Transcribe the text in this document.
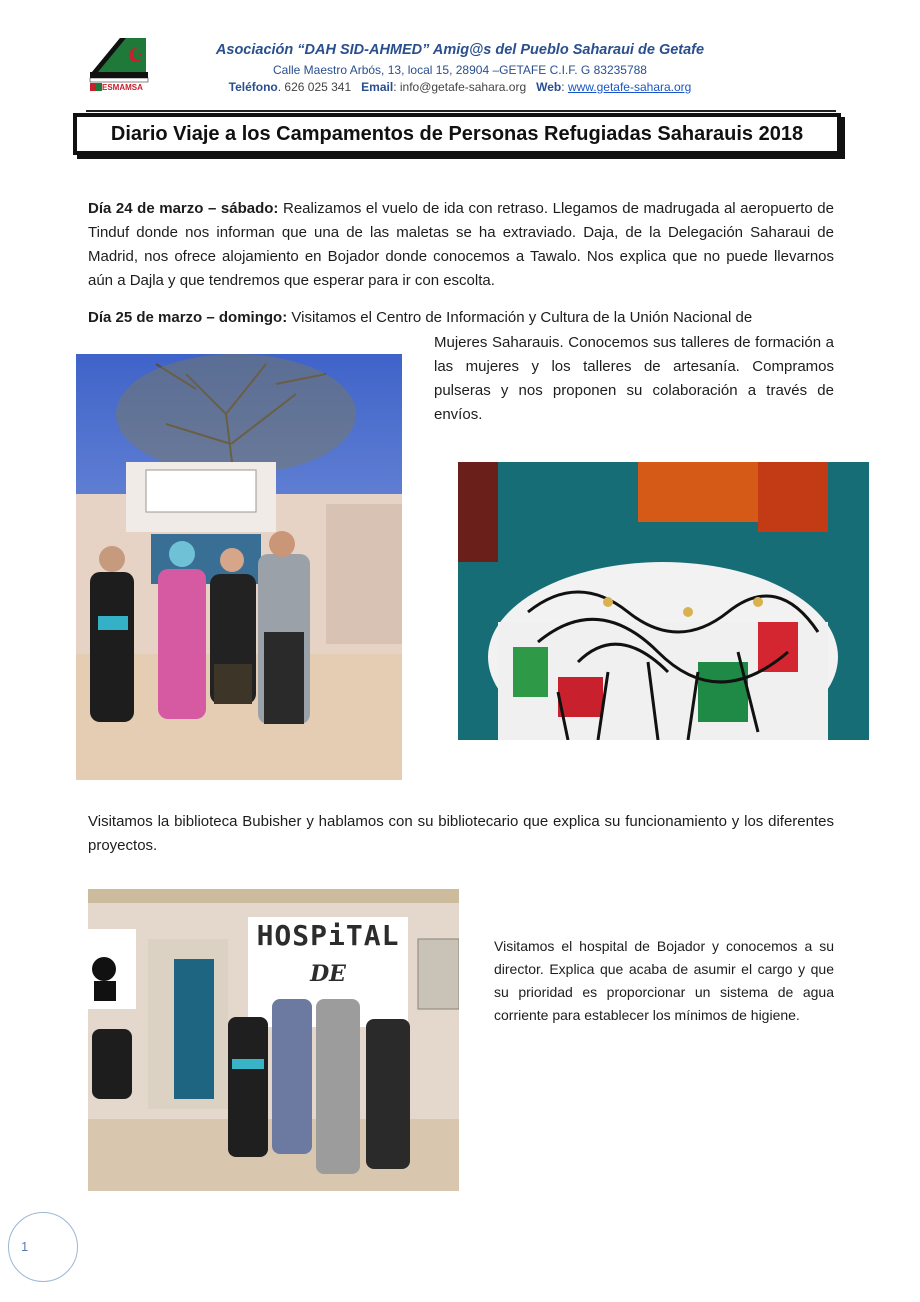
ESMAMSA
Asociación “DAH SID-AHMED” Amig@s del Pueblo Saharaui de Getafe
Calle Maestro Arbós, 13, local 15, 28904 –GETAFE C.I.F. G 83235788
Teléfono. 626 025 341 Email: info@getafe-sahara.org Web: www.getafe-sahara.org
Diario Viaje a los Campamentos de Personas Refugiadas Saharauis 2018
Día 24 de marzo – sábado: Realizamos el vuelo de ida con retraso. Llegamos de madrugada al aeropuerto de Tinduf donde nos informan que una de las maletas se ha extraviado. Daja, de la Delegación Saharaui de Madrid, nos ofrece alojamiento en Bojador donde conocemos a Tawalo. Nos explica que no puede llevarnos aún a Dajla y que tendremos que esperar para ir con escolta.
Día 25 de marzo – domingo: Visitamos el Centro de Información y Cultura de la Unión Nacional de
Mujeres Saharauis. Conocemos sus talleres de formación a las mujeres y los talleres de artesanía. Compramos pulseras y nos proponen su colaboración a través de envíos.
Visitamos la biblioteca Bubisher y hablamos con su bibliotecario que explica su funcionamiento y los diferentes proyectos.
HOSPiTAL
DE
Visitamos el hospital de Bojador y conocemos a su director. Explica que acaba de asumir el cargo y que su prioridad es proporcionar un sistema de agua corriente para establecer los mínimos de higiene.
1
